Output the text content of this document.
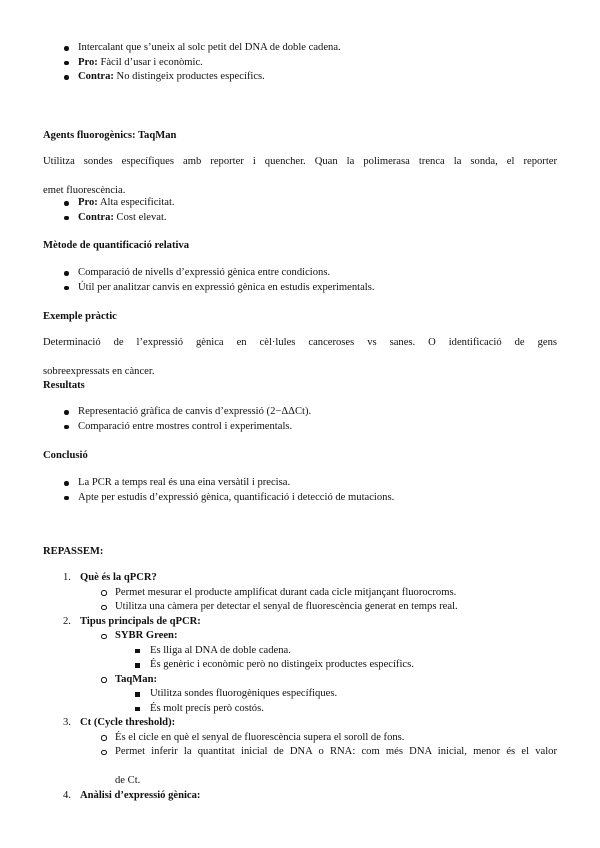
Intercalant que s’uneix al solc petit del DNA de doble cadena.
Pro: Fàcil d’usar i econòmic.
Contra: No distingeix productes específics.
Agents fluorogènics: TaqMan
Utilitza sondes específiques amb reporter i quencher. Quan la polimerasa trenca la sonda, el reporter
emet fluorescència.
Pro: Alta especificitat.
Contra: Cost elevat.
Mètode de quantificació relativa
Comparació de nivells d’expressió gènica entre condicions.
Útil per analitzar canvis en expressió gènica en estudis experimentals.
Exemple pràctic
Determinació de l’expressió gènica en cèl·lules canceroses vs sanes. O identificació de gens
sobreexpressats en càncer.
Resultats
Representació gràfica de canvis d’expressió (2−ΔΔCt).
Comparació entre mostres control i experimentals.
Conclusió
La PCR a temps real és una eina versàtil i precisa.
Apte per estudis d’expressió gènica, quantificació i detecció de mutacions.
REPASSEM:
1. Què és la qPCR?
Permet mesurar el producte amplificat durant cada cicle mitjançant fluorocroms.
Utilitza una càmera per detectar el senyal de fluorescència generat en temps real.
2. Tipus principals de qPCR:
SYBR Green:
Es lliga al DNA de doble cadena.
És genèric i econòmic però no distingeix productes específics.
TaqMan:
Utilitza sondes fluorogèniques específiques.
És molt precís però costós.
3. Ct (Cycle threshold):
És el cicle en què el senyal de fluorescència supera el soroll de fons.
Permet inferir la quantitat inicial de DNA o RNA: com més DNA inicial, menor és el valor
de Ct.
4. Anàlisi d’expressió gènica:
